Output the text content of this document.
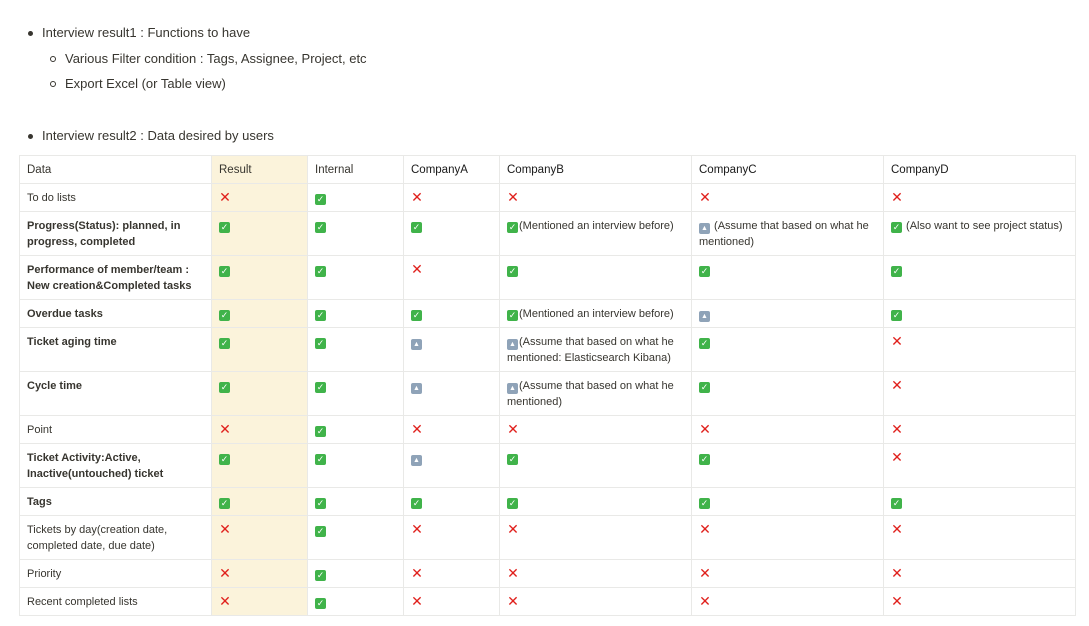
Interview result1 : Functions to have
Various Filter condition : Tags, Assignee, Project, etc
Export Excel (or Table view)
Interview result2 : Data desired by users
Data	Result	Internal	CompanyA	CompanyB	CompanyC	CompanyD
To do lists	✕	✓	✕	✕	✕	✕
Progress(Status): planned, in progress, completed	✓	✓	✓	✓ (Mentioned an interview before)	▲ (Assume that based on what he mentioned)	✓ (Also want to see project status)
Performance of member/team : New creation&Completed tasks	✓	✓	✕	✓	✓	✓
Overdue tasks	✓	✓	✓	✓ (Mentioned an interview before)	▲	✓
Ticket aging time	✓	✓	▲	▲ (Assume that based on what he mentioned: Elasticsearch Kibana)	✓	✕
Cycle time	✓	✓	▲	▲ (Assume that based on what he mentioned)	✓	✕
Point	✕	✓	✕	✕	✕	✕
Ticket Activity:Active, Inactive(untouched) ticket	✓	✓	▲	✓	✓	✕
Tags	✓	✓	✓	✓	✓	✓
Tickets by day(creation date, completed date, due date)	✕	✓	✕	✕	✕	✕
Priority	✕	✓	✕	✕	✕	✕
Recent completed lists	✕	✓	✕	✕	✕	✕
